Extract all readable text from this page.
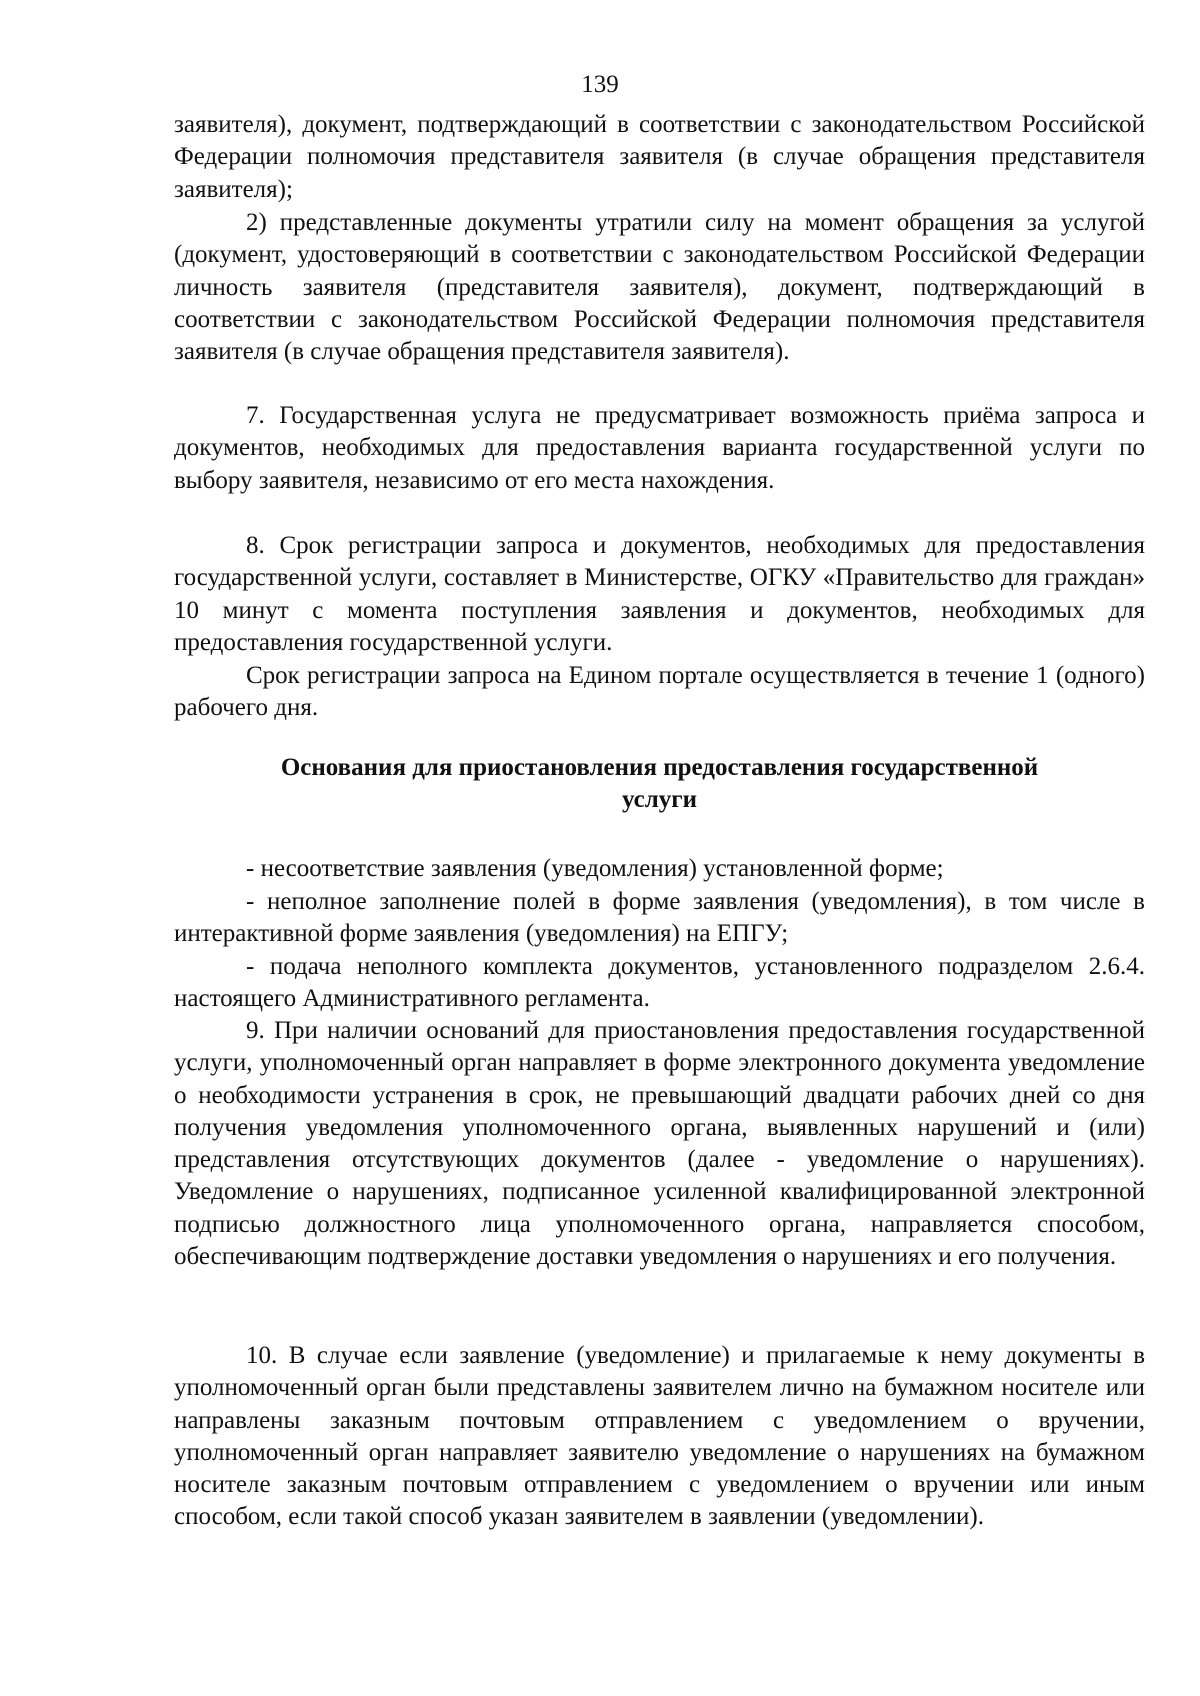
139

заявителя), документ, подтверждающий в соответствии с законодательством Российской Федерации полномочия представителя заявителя (в случае обращения представителя заявителя);

2) представленные документы утратили силу на момент обращения за услугой (документ, удостоверяющий в соответствии с законодательством Российской Федерации личность заявителя (представителя заявителя), документ, подтверждающий в соответствии с законодательством Российской Федерации полномочия представителя заявителя (в случае обращения представителя заявителя).

7. Государственная услуга не предусматривает возможность приёма запроса и документов, необходимых для предоставления варианта государственной услуги по выбору заявителя, независимо от его места нахождения.

8. Срок регистрации запроса и документов, необходимых для предоставления государственной услуги, составляет в Министерстве, ОГКУ «Правительство для граждан» 10 минут с момента поступления заявления и документов, необходимых для предоставления государственной услуги.

Срок регистрации запроса на Едином портале осуществляется в течение 1 (одного) рабочего дня.

Основания для приостановления предоставления государственной
услуги

- несоответствие заявления (уведомления) установленной форме;

- неполное заполнение полей в форме заявления (уведомления), в том числе в интерактивной форме заявления (уведомления) на ЕПГУ;

- подача неполного комплекта документов, установленного подразделом 2.6.4. настоящего Административного регламента.

9. При наличии оснований для приостановления предоставления государственной услуги, уполномоченный орган направляет в форме электронного документа уведомление о необходимости устранения в срок, не превышающий двадцати рабочих дней со дня получения уведомления уполномоченного органа, выявленных нарушений и (или) представления отсутствующих документов (далее - уведомление о нарушениях). Уведомление о нарушениях, подписанное усиленной квалифицированной электронной подписью должностного лица уполномоченного органа, направляется способом, обеспечивающим подтверждение доставки уведомления о нарушениях и его получения.

10. В случае если заявление (уведомление) и прилагаемые к нему документы в уполномоченный орган были представлены заявителем лично на бумажном носителе или направлены заказным почтовым отправлением с уведомлением о вручении, уполномоченный орган направляет заявителю уведомление о нарушениях на бумажном носителе заказным почтовым отправлением с уведомлением о вручении или иным способом, если такой способ указан заявителем в заявлении (уведомлении).
